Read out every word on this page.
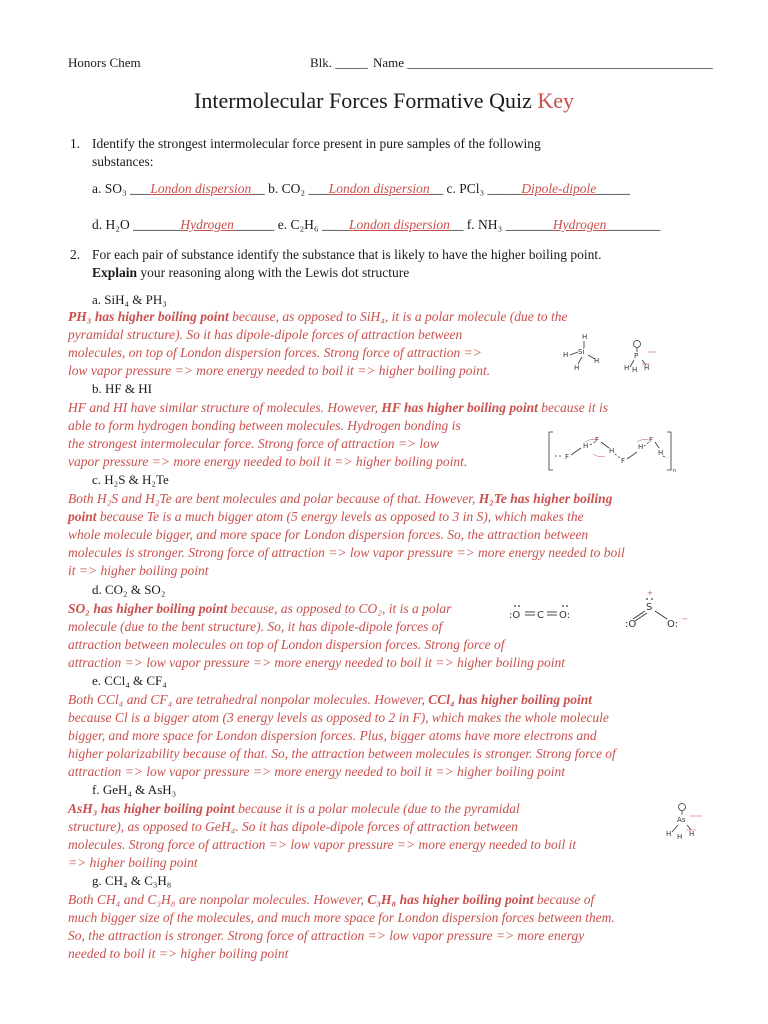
Honors Chem	Blk. _____ Name _______________________________________________
Intermolecular Forces Formative Quiz Key
1. Identify the strongest intermolecular force present in pure samples of the following
substances:
a. SO₃ ___London dispersion__ b. CO₂ ___London dispersion__ c. PCl₃ _____Dipole-dipole_____
d. H₂O _______Hydrogen______ e. C₂H₆ ____London dispersion__ f. NH₃ _______Hydrogen________
2. For each pair of substance identify the substance that is likely to have the higher boiling point.
Explain your reasoning along with the Lewis dot structure
a. SiH₄ & PH₃
PH₃ has higher boiling point because, as opposed to SiH₄, it is a polar molecule (due to the
pyramidal structure). So it has dipole-dipole forces of attraction between
molecules, on top of London dispersion forces. Strong force of attraction =>
low vapor pressure => more energy needed to boil it => higher boiling point.
H
Si
H
H
H
P
H H H
b. HF & HI
HF and HI have similar structure of molecules. However, HF has higher boiling point because it is
able to form hydrogen bonding between molecules. Hydrogen bonding is
the strongest intermolecular force. Strong force of attraction => low
vapor pressure => more energy needed to boil it => higher boiling point.
n
F
H
F
H
F
H
F
H
c. H₂S & H₂Te
Both H₂S and H₂Te are bent molecules and polar because of that. However, H₂Te has higher boiling
point because Te is a much bigger atom (5 energy levels as opposed to 3 in S), which makes the
whole molecule bigger, and more space for London dispersion forces. So, the attraction between
molecules is stronger. Strong force of attraction => low vapor pressure => more energy needed to boil
it => higher boiling point
d. CO₂ & SO₂
SO₂ has higher boiling point because, as opposed to CO₂, it is a polar
molecule (due to the bent structure). So, it has dipole-dipole forces of
attraction between molecules on top of London dispersion forces. Strong force of
attraction => low vapor pressure => more energy needed to boil it => higher boiling point
:O C O:
+
S
:O	O: −
e. CCl₄ & CF₄
Both CCl₄ and CF₄ are tetrahedral nonpolar molecules. However, CCl₄ has higher boiling point
because Cl is a bigger atom (3 energy levels as opposed to 2 in F), which makes the whole molecule
bigger, and more space for London dispersion forces. Plus, bigger atoms have more electrons and
higher polarizability because of that. So, the attraction between molecules is stronger. Strong force of
attraction => low vapor pressure => more energy needed to boil it => higher boiling point
f. GeH₄ & AsH₃
AsH₃ has higher boiling point because it is a polar molecule (due to the pyramidal
structure), as opposed to GeH₄. So it has dipole-dipole forces of attraction between
molecules. Strong force of attraction => low vapor pressure => more energy needed to boil it
=> higher boiling point
As
H H H
g. CH₄ & C₃H₈
Both CH₄ and C₃H₈ are nonpolar molecules. However, C₃H₈ has higher boiling point because of
much bigger size of the molecules, and much more space for London dispersion forces between them.
So, the attraction is stronger. Strong force of attraction => low vapor pressure => more energy
needed to boil it => higher boiling point
